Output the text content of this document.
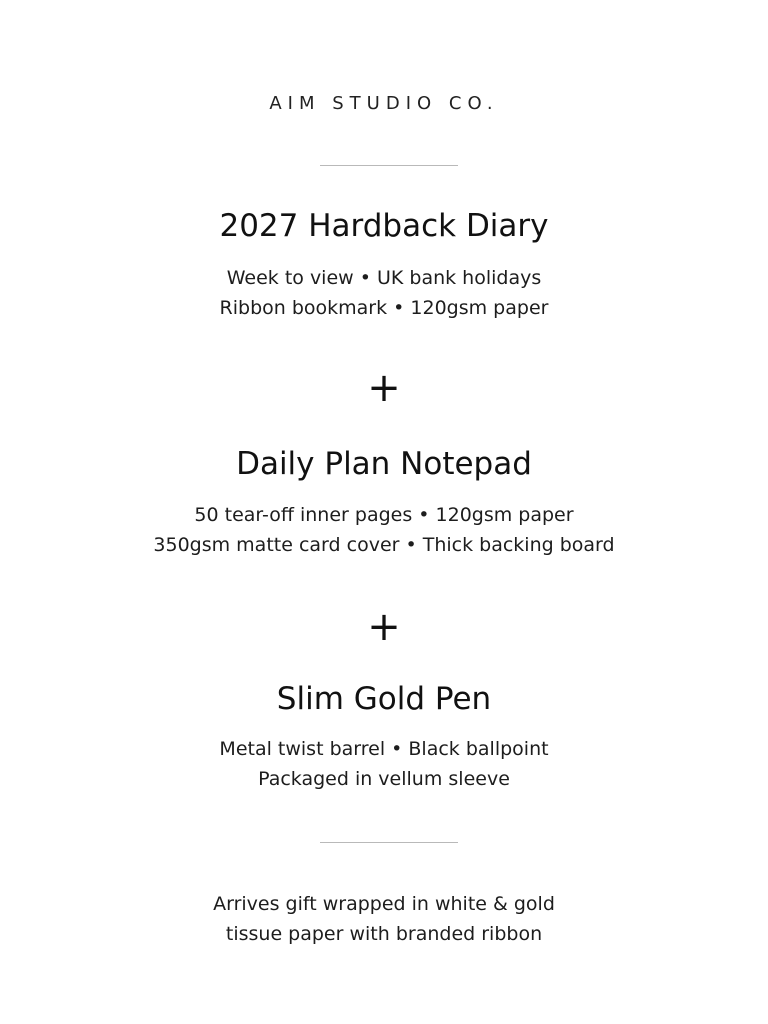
AIM STUDIO CO.
2027 Hardback Diary
Week to view • UK bank holidays
Ribbon bookmark • 120gsm paper
+
Daily Plan Notepad
50 tear-off inner pages • 120gsm paper
350gsm matte card cover • Thick backing board
+
Slim Gold Pen
Metal twist barrel • Black ballpoint
Packaged in vellum sleeve
Arrives gift wrapped in white & gold
tissue paper with branded ribbon
